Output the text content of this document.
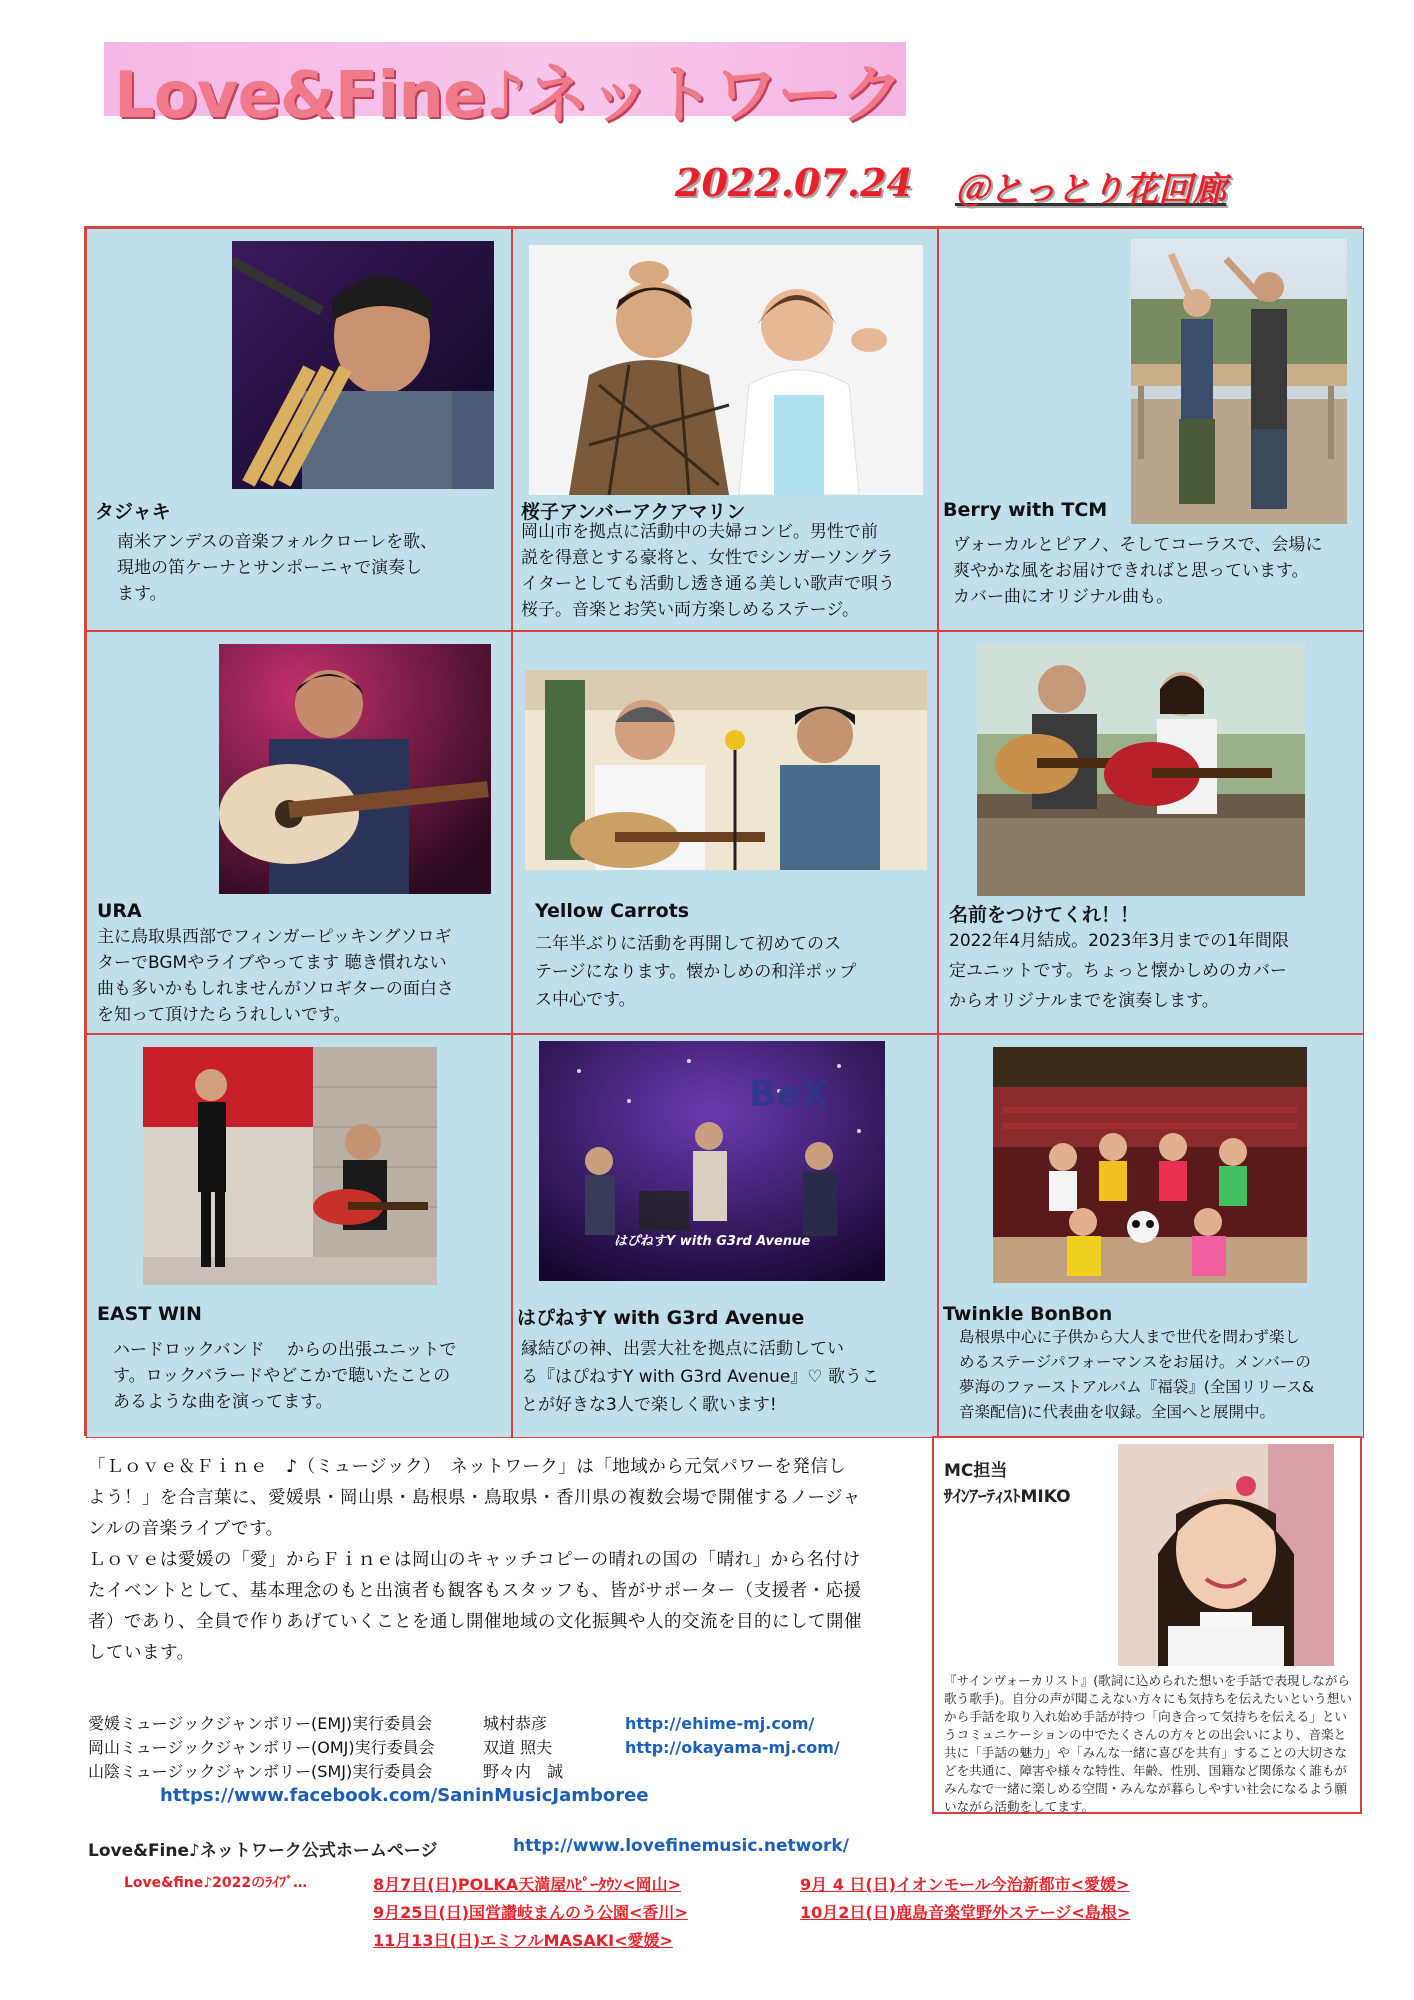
Love&Fine♪ネットワーク
2022.07.24 ＠とっとり花回廊
タジャキ
南米アンデスの音楽フォルクローレを歌、
現地の笛ケーナとサンポーニャで演奏し
ます。
桜子アンバーアクアマリン
岡山市を拠点に活動中の夫婦コンビ。男性で前
説を得意とする豪将と、女性でシンガーソングラ
イターとしても活動し透き通る美しい歌声で唄う
桜子。音楽とお笑い両方楽しめるステージ。
Berry with TCM
ヴォーカルとピアノ、そしてコーラスで、会場に
爽やかな風をお届けできればと思っています。
カバー曲にオリジナル曲も。
URA
主に鳥取県西部でフィンガーピッキングソロギ
ターでBGMやライブやってます 聴き慣れない
曲も多いかもしれませんがソロギターの面白さ
を知って頂けたらうれしいです。
Yellow Carrots
二年半ぶりに活動を再開して初めてのス
テージになります。懐かしめの和洋ポップ
ス中心です。
名前をつけてくれ！！
2022年4月結成。2023年3月までの1年間限
定ユニットです。ちょっと懐かしめのカバー
からオリジナルまでを演奏します。
EAST WIN
ハードロックバンド　 からの出張ユニットで
す。ロックバラードやどこかで聴いたことの
あるような曲を演ってます。
BeX
はぴねすY with G3rd Avenue
はぴねすY with G3rd Avenue
縁結びの神、出雲大社を拠点に活動してい
る『はぴねすY with G3rd Avenue』♡ 歌うこ
とが好きな3人で楽しく歌います!
Twinkle BonBon
島根県中心に子供から大人まで世代を問わず楽し
めるステージパフォーマンスをお届け。メンバーの
夢海のファーストアルバム『福袋』(全国リリース&
音楽配信)に代表曲を収録。全国へと展開中。

「Ｌｏｖｅ＆Ｆｉｎｅ　♪（ミュージック）　ネットワーク」は「地域から元気パワーを発信しよう！」を合言葉に、愛媛県・岡山県・島根県・鳥取県・香川県の複数会場で開催するノージャンルの音楽ライブです。

Ｌｏｖｅは愛媛の「愛」からＦｉｎｅは岡山のキャッチコピーの晴れの国の「晴れ」から名付けたイベントとして、基本理念のもと出演者も観客もスタッフも、皆がサポーター（支援者・応援者）であり、全員で作りあげていくことを通し開催地域の文化振興や人的交流を目的にして開催しています。

愛媛ミュージックジャンボリー(EMJ)実行委員会	城村恭彦	http://ehime-mj.com/
岡山ミュージックジャンボリー(OMJ)実行委員会	双道 照夫	http://okayama-mj.com/
山陰ミュージックジャンボリー(SMJ)実行委員会	野々内　誠
https://www.facebook.com/SaninMusicJamboree
MC担当
ｻｲﾝｱｰﾃｨｽﾄMIKO
『サインヴォーカリスト』(歌詞に込められた想いを手話で表現しながら歌う歌手)。自分の声が聞こえない方々にも気持ちを伝えたいという想いから手話を取り入れ始め手話が持つ「向き合って気持ちを伝える」というコミュニケーションの中でたくさんの方々との出会いにより、音楽と共に「手話の魅力」や「みんな一緒に喜びを共有」することの大切さなどを共通に、障害や様々な特性、年齢、性別、国籍など関係なく誰もがみんなで一緒に楽しめる空間・みんなが暮らしやすい社会になるよう願いながら活動をしてます。
Love&Fine♪ネットワーク公式ホームページ	http://www.lovefinemusic.network/
Love&fine♪2022のﾗｲﾌﾞ…	8月7日(日)POLKA天満屋ﾊﾋﾟｰﾀｳﾝ<岡山>	9月 4 日(日)イオンモール今治新都市<愛媛>
9月25日(日)国営讃岐まんのう公園<香川>	10月2日(日)鹿島音楽堂野外ステージ<島根>
11月13日(日)エミフルMASAKI<愛媛>
